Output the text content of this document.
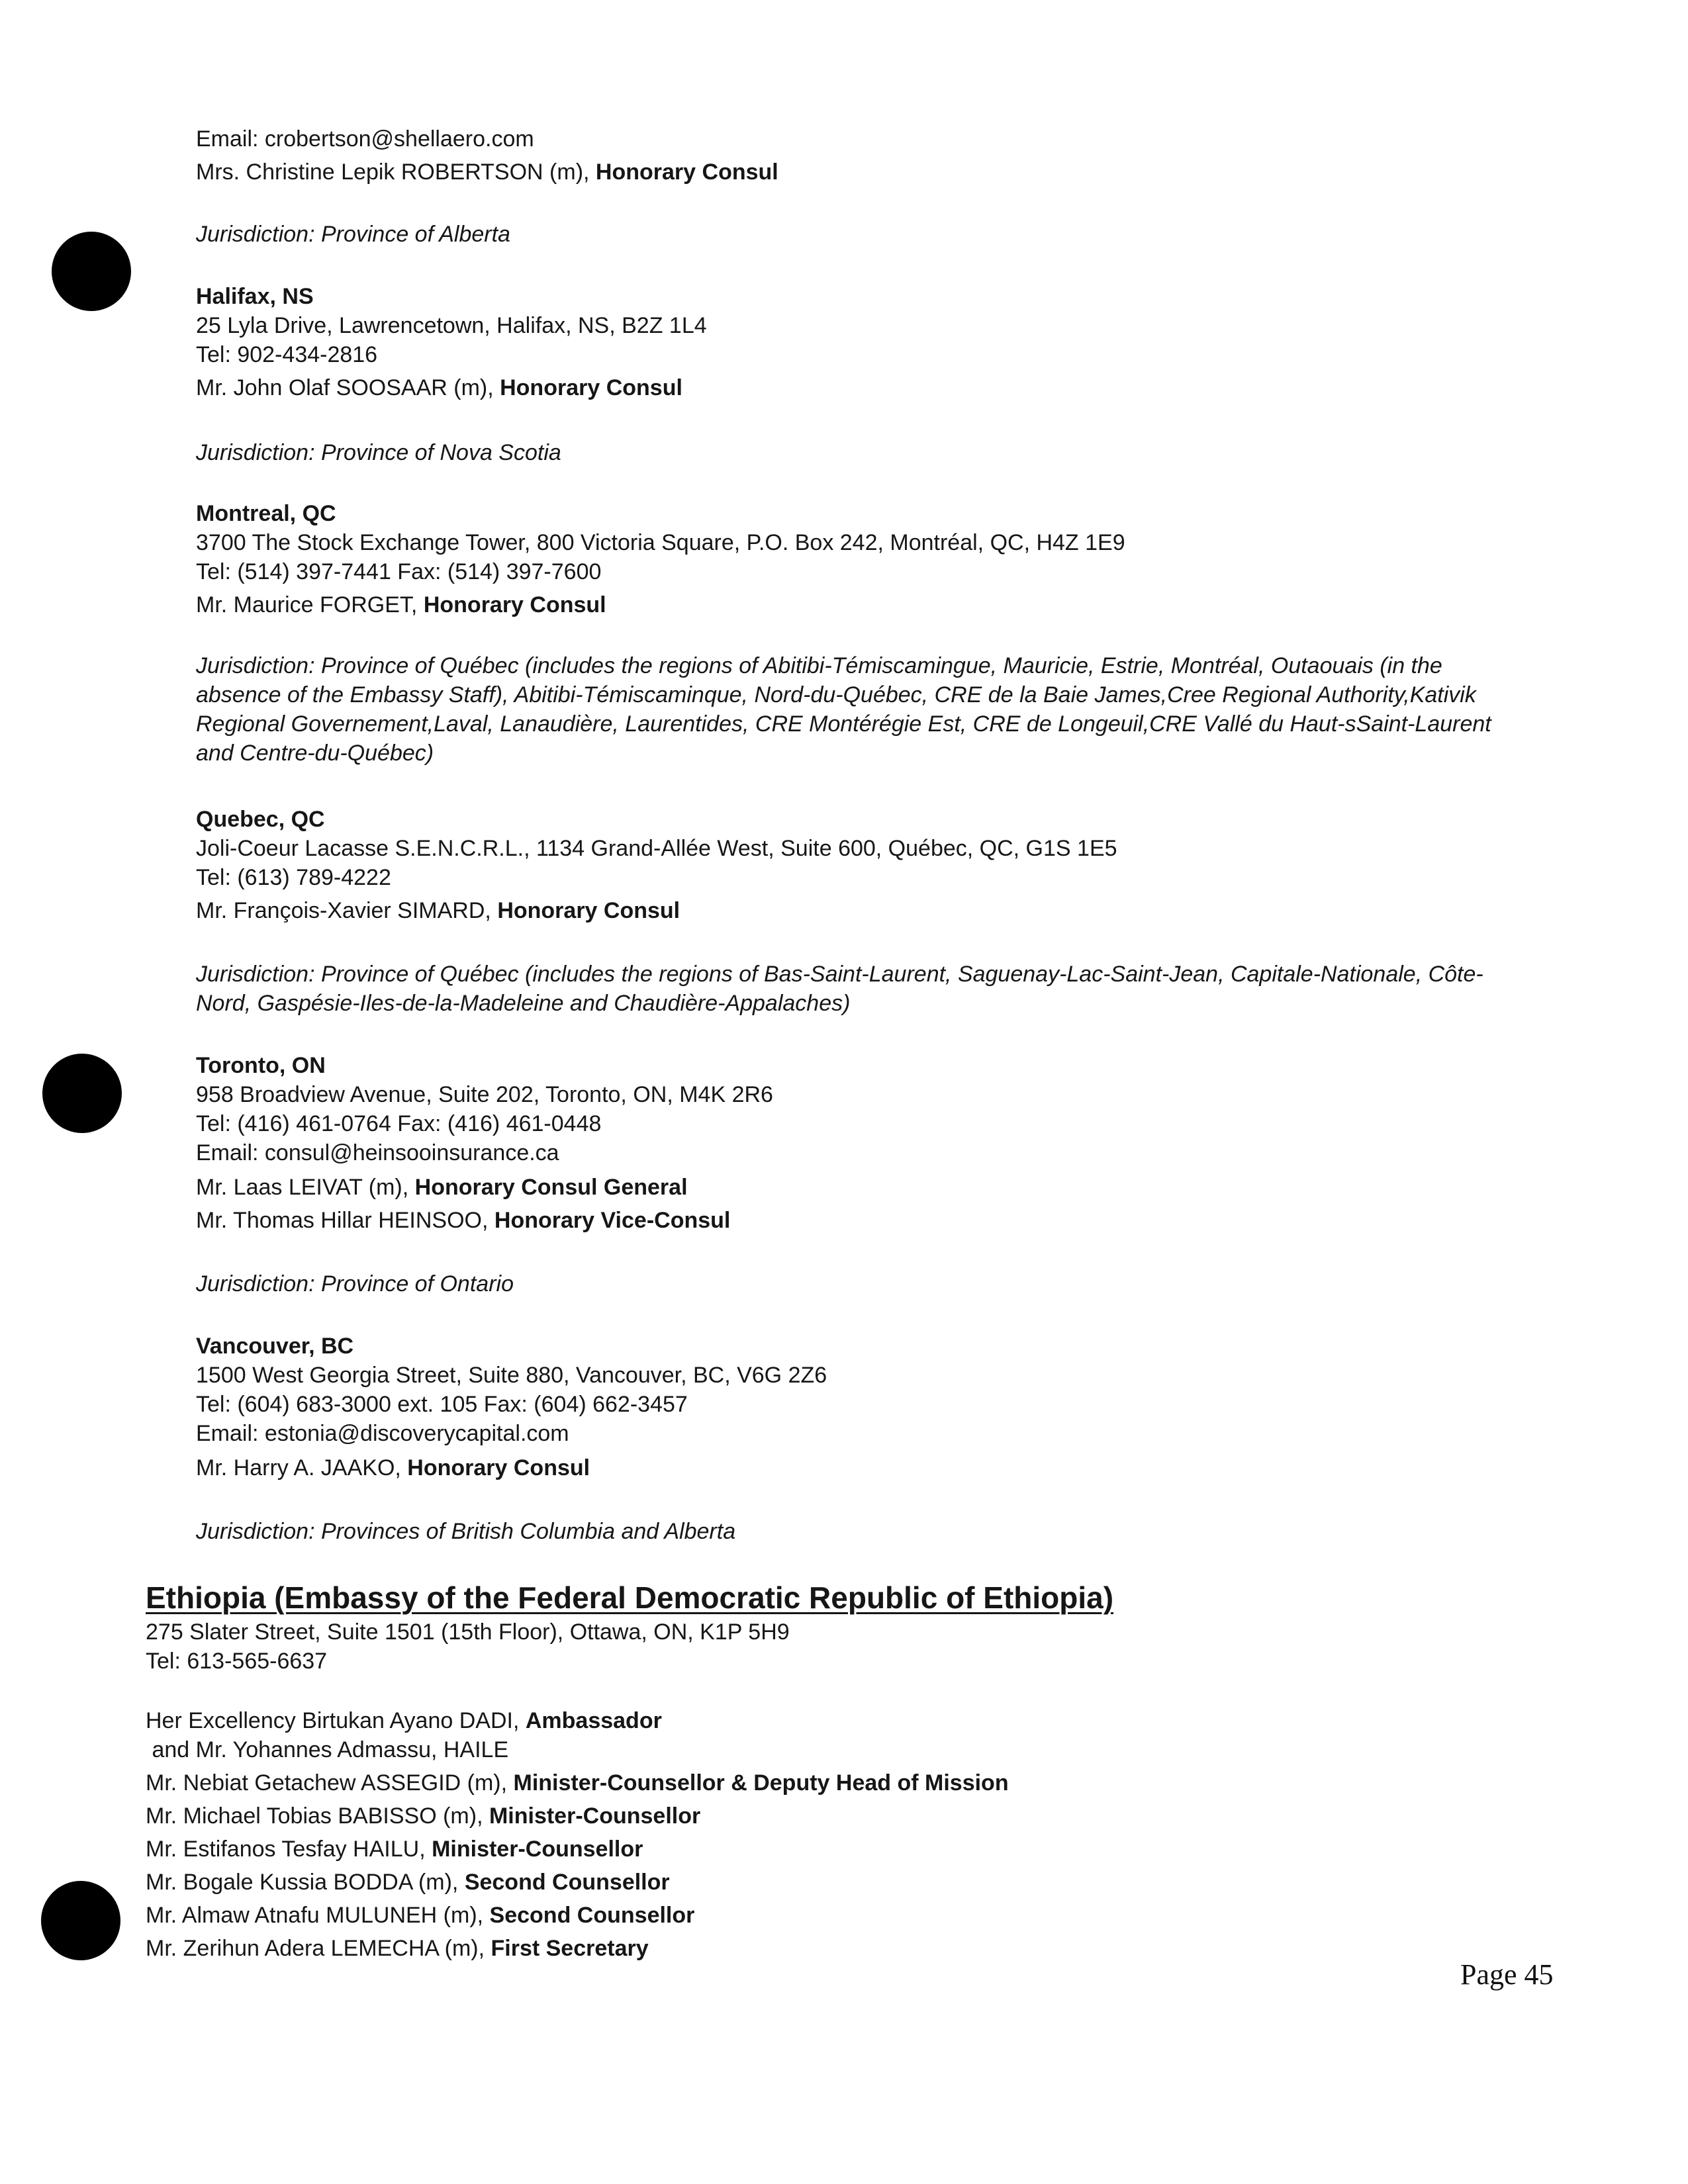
Email: crobertson@shellaero.com
Mrs. Christine Lepik ROBERTSON (m), Honorary Consul
Jurisdiction: Province of Alberta
Halifax, NS
25 Lyla Drive, Lawrencetown, Halifax, NS, B2Z 1L4
Tel: 902-434-2816
Mr. John Olaf SOOSAAR (m), Honorary Consul
Jurisdiction: Province of Nova Scotia
Montreal, QC
3700 The Stock Exchange Tower, 800 Victoria Square, P.O. Box 242, Montréal, QC, H4Z 1E9
Tel: (514) 397-7441 Fax: (514) 397-7600
Mr. Maurice FORGET, Honorary Consul
Jurisdiction: Province of Québec (includes the regions of Abitibi-Témiscamingue, Mauricie, Estrie, Montréal, Outaouais (in the absence of the Embassy Staff), Abitibi-Témiscaminque, Nord-du-Québec, CRE de la Baie James,Cree Regional Authority,Kativik Regional Governement,Laval, Lanaudière, Laurentides, CRE Montérégie Est, CRE de Longeuil,CRE Vallé du Haut-sSaint-Laurent and Centre-du-Québec)
Quebec, QC
Joli-Coeur Lacasse S.E.N.C.R.L., 1134 Grand-Allée West, Suite 600, Québec, QC, G1S 1E5
Tel: (613) 789-4222
Mr. François-Xavier SIMARD, Honorary Consul
Jurisdiction: Province of Québec (includes the regions of Bas-Saint-Laurent, Saguenay-Lac-Saint-Jean, Capitale-Nationale, Côte-Nord, Gaspésie-Iles-de-la-Madeleine and Chaudière-Appalaches)
Toronto, ON
958 Broadview Avenue, Suite 202, Toronto, ON, M4K 2R6
Tel: (416) 461-0764 Fax: (416) 461-0448
Email: consul@heinsooinsurance.ca
Mr. Laas LEIVAT (m), Honorary Consul General
Mr. Thomas Hillar HEINSOO, Honorary Vice-Consul
Jurisdiction: Province of Ontario
Vancouver, BC
1500 West Georgia Street, Suite 880, Vancouver, BC, V6G 2Z6
Tel: (604) 683-3000 ext. 105 Fax: (604) 662-3457
Email: estonia@discoverycapital.com
Mr. Harry A. JAAKO, Honorary Consul
Jurisdiction: Provinces of British Columbia and Alberta
Ethiopia (Embassy of the Federal Democratic Republic of Ethiopia)
275 Slater Street, Suite 1501 (15th Floor), Ottawa, ON, K1P 5H9
Tel: 613-565-6637
Her Excellency Birtukan Ayano DADI, Ambassador
and Mr. Yohannes Admassu, HAILE
Mr. Nebiat Getachew ASSEGID (m), Minister-Counsellor & Deputy Head of Mission
Mr. Michael Tobias BABISSO (m), Minister-Counsellor
Mr. Estifanos Tesfay HAILU, Minister-Counsellor
Mr. Bogale Kussia BODDA (m), Second Counsellor
Mr. Almaw Atnafu MULUNEH (m), Second Counsellor
Mr. Zerihun Adera LEMECHA (m), First Secretary
Page 45
